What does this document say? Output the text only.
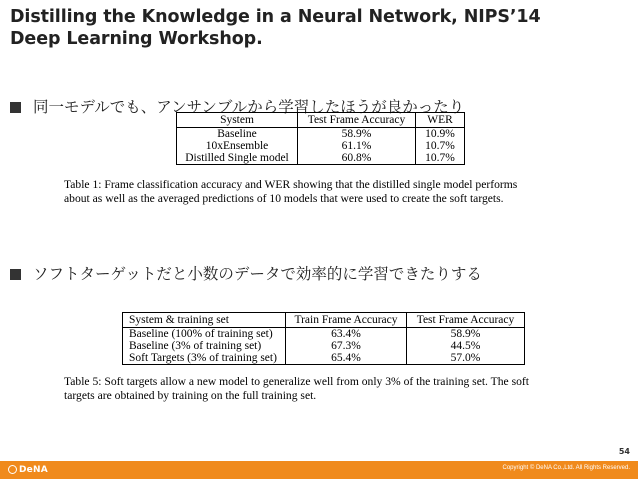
Distilling the Knowledge in a Neural Network, NIPS’14
Deep Learning Workshop.
同一モデルでも、アンサンブルから学習したほうが良かったり
System	Test Frame Accuracy	WER
Baseline	58.9%	10.9%
10xEnsemble	61.1%	10.7%
Distilled Single model	60.8%	10.7%
Table 1: Frame classification accuracy and WER showing that the distilled single model performs
about as well as the averaged predictions of 10 models that were used to create the soft targets.
ソフトターゲットだと小数のデータで効率的に学習できたりする
System & training set	Train Frame Accuracy	Test Frame Accuracy
Baseline (100% of training set)	63.4%	58.9%
Baseline (3% of training set)	67.3%	44.5%
Soft Targets (3% of training set)	65.4%	57.0%
Table 5: Soft targets allow a new model to generalize well from only 3% of the training set. The soft
targets are obtained by training on the full training set.
54
DeNA	Copyright © DeNA Co.,Ltd. All Rights Reserved.
